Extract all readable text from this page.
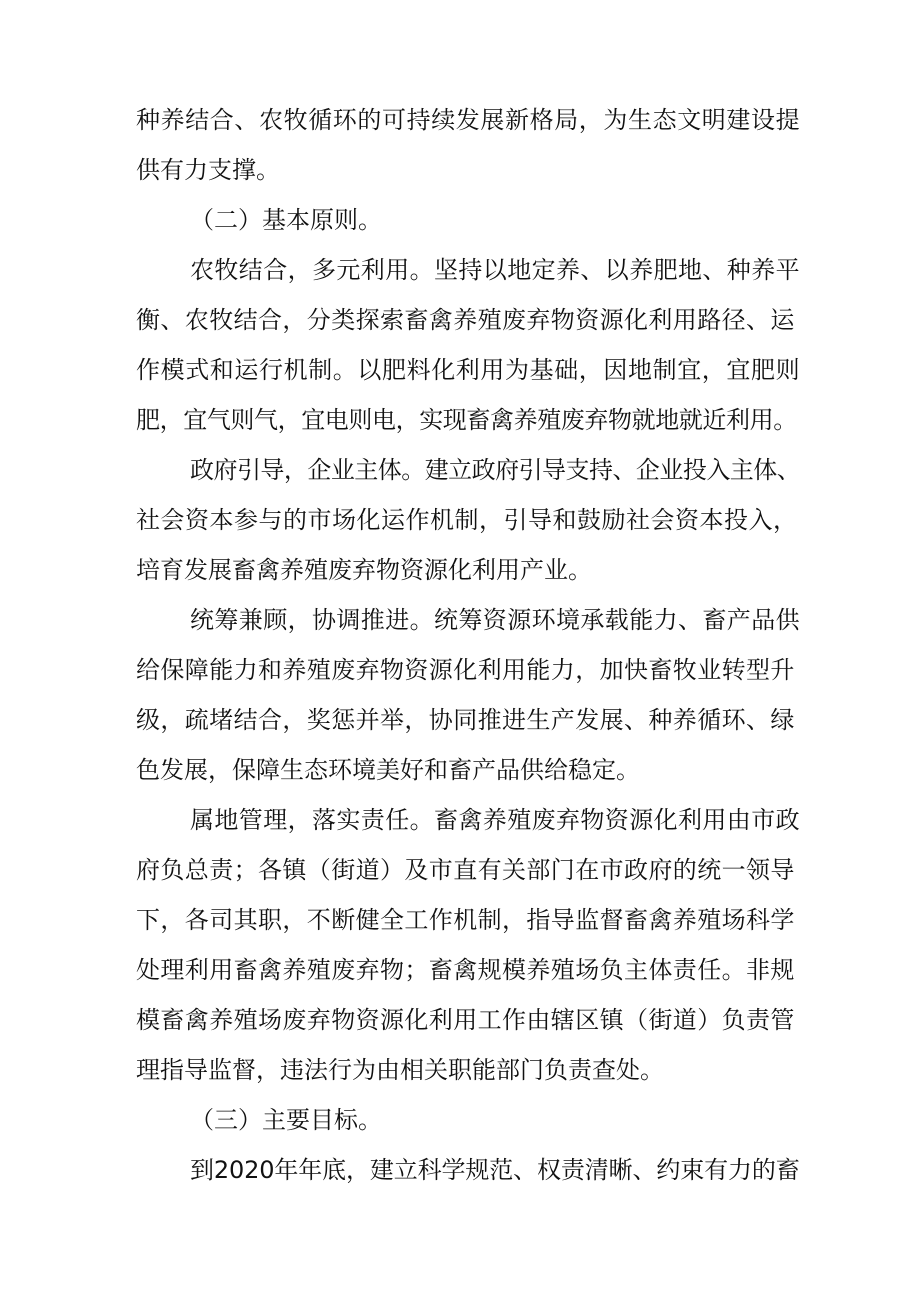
种养结合、农牧循环的可持续发展新格局，为生态文明建设提
供有力支撑。
（二）基本原则。
农牧结合，多元利用。坚持以地定养、以养肥地、种养平
衡、农牧结合，分类探索畜禽养殖废弃物资源化利用路径、运
作模式和运行机制。以肥料化利用为基础，因地制宜，宜肥则
肥，宜气则气，宜电则电，实现畜禽养殖废弃物就地就近利用。
政府引导，企业主体。建立政府引导支持、企业投入主体、
社会资本参与的市场化运作机制，引导和鼓励社会资本投入，
培育发展畜禽养殖废弃物资源化利用产业。
统筹兼顾，协调推进。统筹资源环境承载能力、畜产品供
给保障能力和养殖废弃物资源化利用能力，加快畜牧业转型升
级，疏堵结合，奖惩并举，协同推进生产发展、种养循环、绿
色发展，保障生态环境美好和畜产品供给稳定。
属地管理，落实责任。畜禽养殖废弃物资源化利用由市政
府负总责；各镇（街道）及市直有关部门在市政府的统一领导
下，各司其职，不断健全工作机制，指导监督畜禽养殖场科学
处理利用畜禽养殖废弃物；畜禽规模养殖场负主体责任。非规
模畜禽养殖场废弃物资源化利用工作由辖区镇（街道）负责管
理指导监督，违法行为由相关职能部门负责查处。
（三）主要目标。
到2020年年底，建立科学规范、权责清晰、约束有力的畜
